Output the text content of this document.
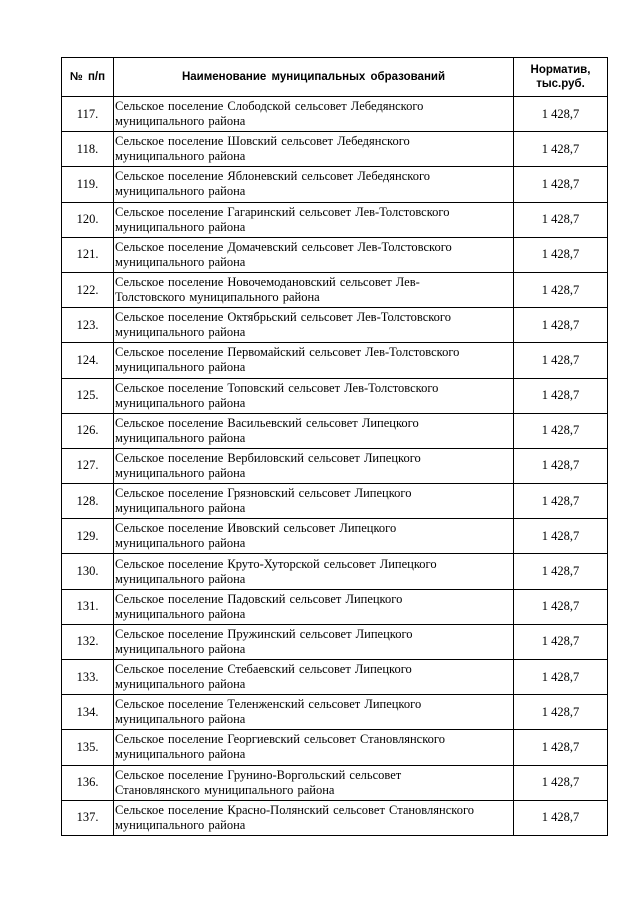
№ п/п	Наименование муниципальных образований	Норматив,
тыс.руб.
117.	Сельское поселение Слободской сельсовет Лебедянского
муниципального района	1 428,7
118.	Сельское поселение Шовский сельсовет Лебедянского
муниципального района	1 428,7
119.	Сельское поселение Яблоневский сельсовет Лебедянского
муниципального района	1 428,7
120.	Сельское поселение Гагаринский сельсовет Лев-Толстовского
муниципального района	1 428,7
121.	Сельское поселение Домачевский сельсовет Лев-Толстовского
муниципального района	1 428,7
122.	Сельское поселение Новочемодановский сельсовет Лев-
Толстовского муниципального района	1 428,7
123.	Сельское поселение Октябрьский сельсовет Лев-Толстовского
муниципального района	1 428,7
124.	Сельское поселение Первомайский сельсовет Лев-Толстовского
муниципального района	1 428,7
125.	Сельское поселение Топовский сельсовет Лев-Толстовского
муниципального района	1 428,7
126.	Сельское поселение Васильевский сельсовет Липецкого
муниципального района	1 428,7
127.	Сельское поселение Вербиловский сельсовет Липецкого
муниципального района	1 428,7
128.	Сельское поселение Грязновский сельсовет Липецкого
муниципального района	1 428,7
129.	Сельское поселение Ивовский сельсовет Липецкого
муниципального района	1 428,7
130.	Сельское поселение Круто-Хуторской сельсовет Липецкого
муниципального района	1 428,7
131.	Сельское поселение Падовский сельсовет Липецкого
муниципального района	1 428,7
132.	Сельское поселение Пружинский сельсовет Липецкого
муниципального района	1 428,7
133.	Сельское поселение Стебаевский сельсовет Липецкого
муниципального района	1 428,7
134.	Сельское поселение Теленженский сельсовет Липецкого
муниципального района	1 428,7
135.	Сельское поселение Георгиевский сельсовет Становлянского
муниципального района	1 428,7
136.	Сельское поселение Грунино-Воргольский сельсовет
Становлянского муниципального района	1 428,7
137.	Сельское поселение Красно-Полянский сельсовет Становлянского
муниципального района	1 428,7
